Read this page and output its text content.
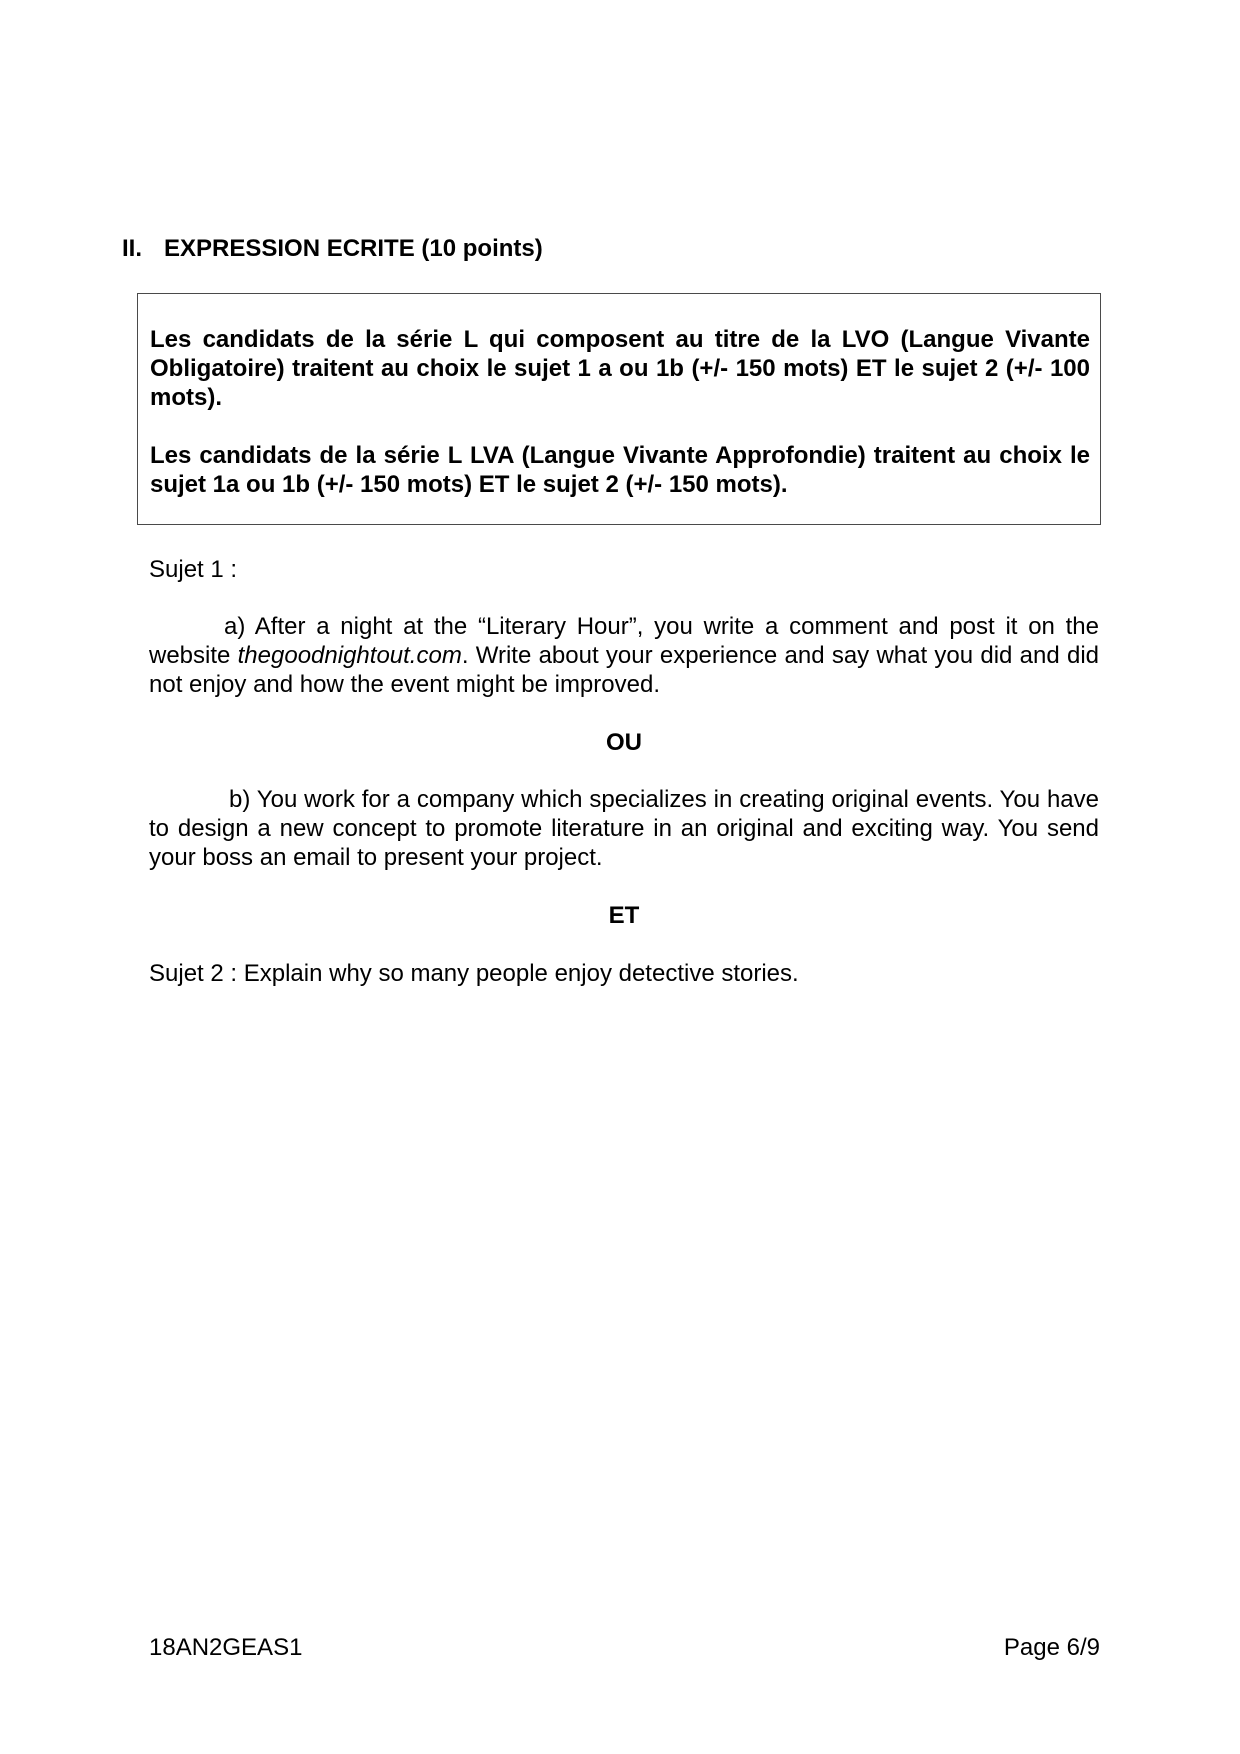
II. EXPRESSION ECRITE (10 points)

Les candidats de la série L qui composent au titre de la LVO (Langue Vivante Obligatoire) traitent au choix le sujet 1 a ou 1b (+/- 150 mots) ET le sujet 2 (+/- 100 mots).

Les candidats de la série L LVA (Langue Vivante Approfondie) traitent au choix le sujet 1a ou 1b (+/- 150 mots) ET le sujet 2 (+/- 150 mots).

Sujet 1 :

a) After a night at the “Literary Hour”, you write a comment and post it on the website thegoodnightout.com. Write about your experience and say what you did and did not enjoy and how the event might be improved.

OU

b) You work for a company which specializes in creating original events. You have to design a new concept to promote literature in an original and exciting way. You send your boss an email to present your project.

ET

Sujet 2 : Explain why so many people enjoy detective stories.

18AN2GEAS1	Page 6/9
